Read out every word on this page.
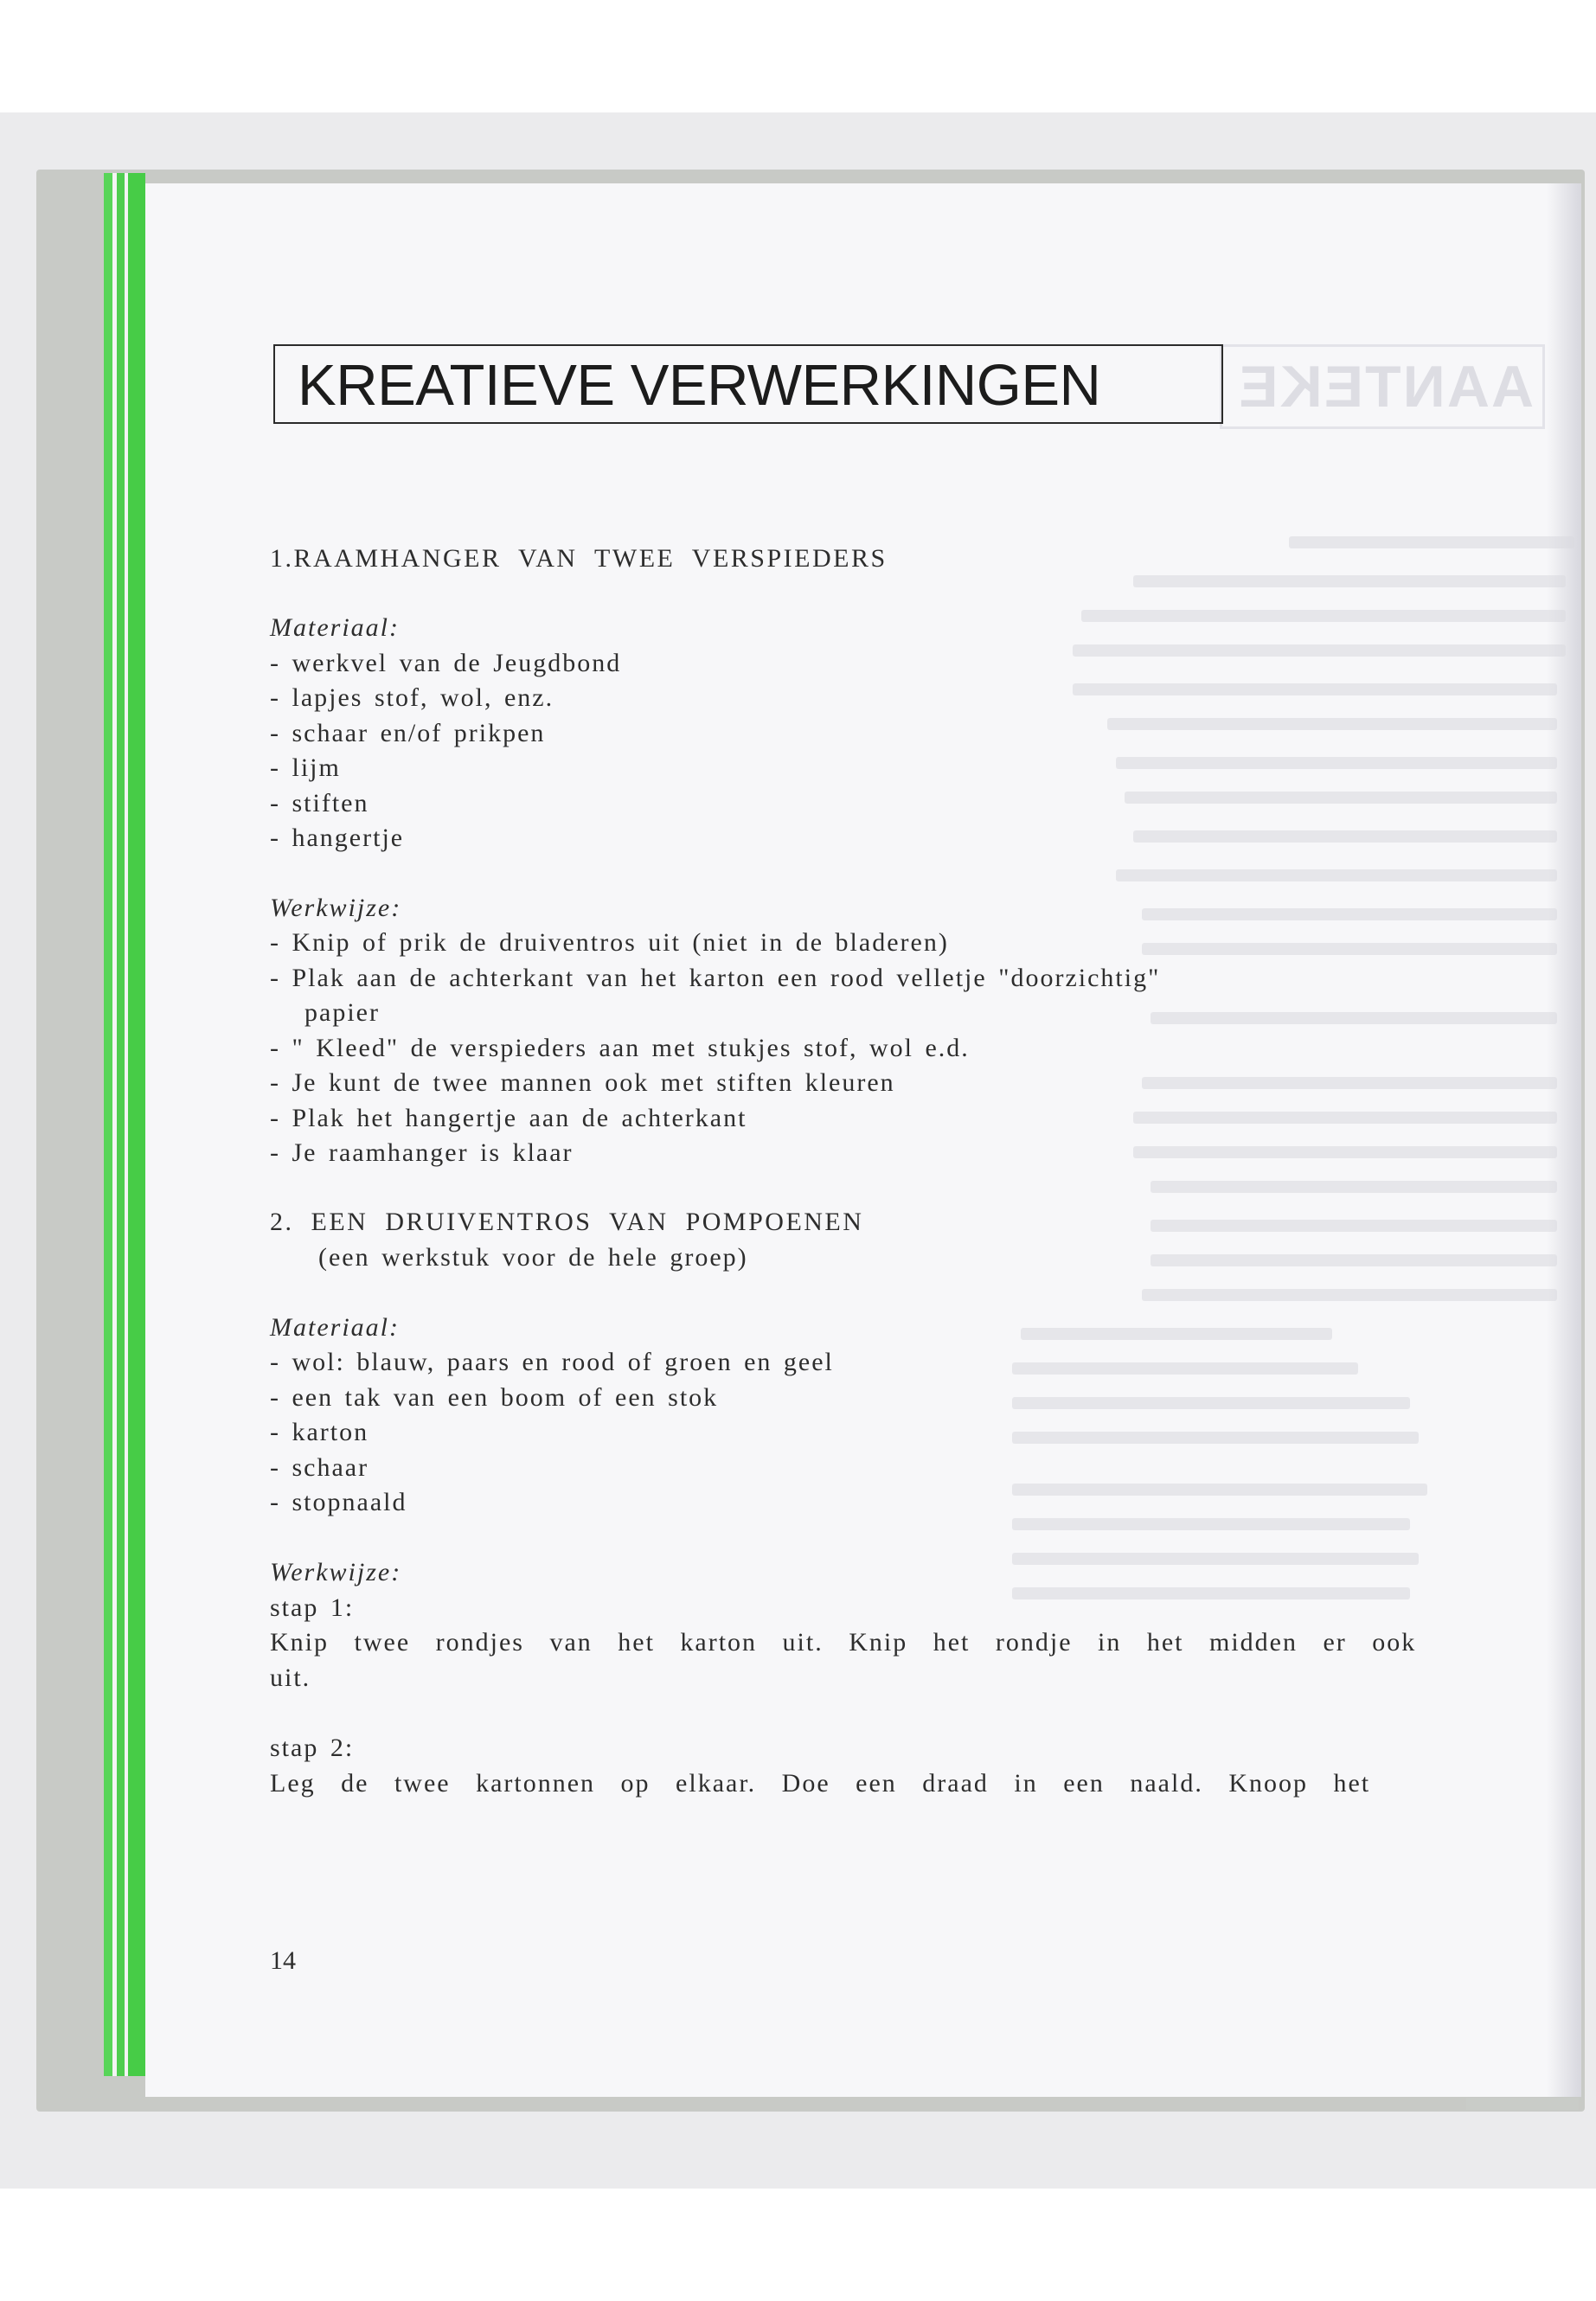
AANTEKE
KREATIEVE VERWERKINGEN
1.RAAMHANGER VAN TWEE VERSPIEDERS
Materiaal:
- werkvel van de Jeugdbond
- lapjes stof, wol, enz.
- schaar en/of prikpen
- lijm
- stiften
- hangertje
Werkwijze:
- Knip of prik de druiventros uit (niet in de bladeren)
- Plak aan de achterkant van het karton een rood velletje "doorzichtig"
papier
- " Kleed" de verspieders aan met stukjes stof, wol e.d.
- Je kunt de twee mannen ook met stiften kleuren
- Plak het hangertje aan de achterkant
- Je raamhanger is klaar
2. EEN DRUIVENTROS VAN POMPOENEN
(een werkstuk voor de hele groep)
Materiaal:
- wol: blauw, paars en rood of groen en geel
- een tak van een boom of een stok
- karton
- schaar
- stopnaald
Werkwijze:
stap 1:
Knip twee rondjes van het karton uit. Knip het rondje in het midden er ook
uit.
stap 2:
Leg de twee kartonnen op elkaar. Doe een draad in een naald. Knoop het
14
